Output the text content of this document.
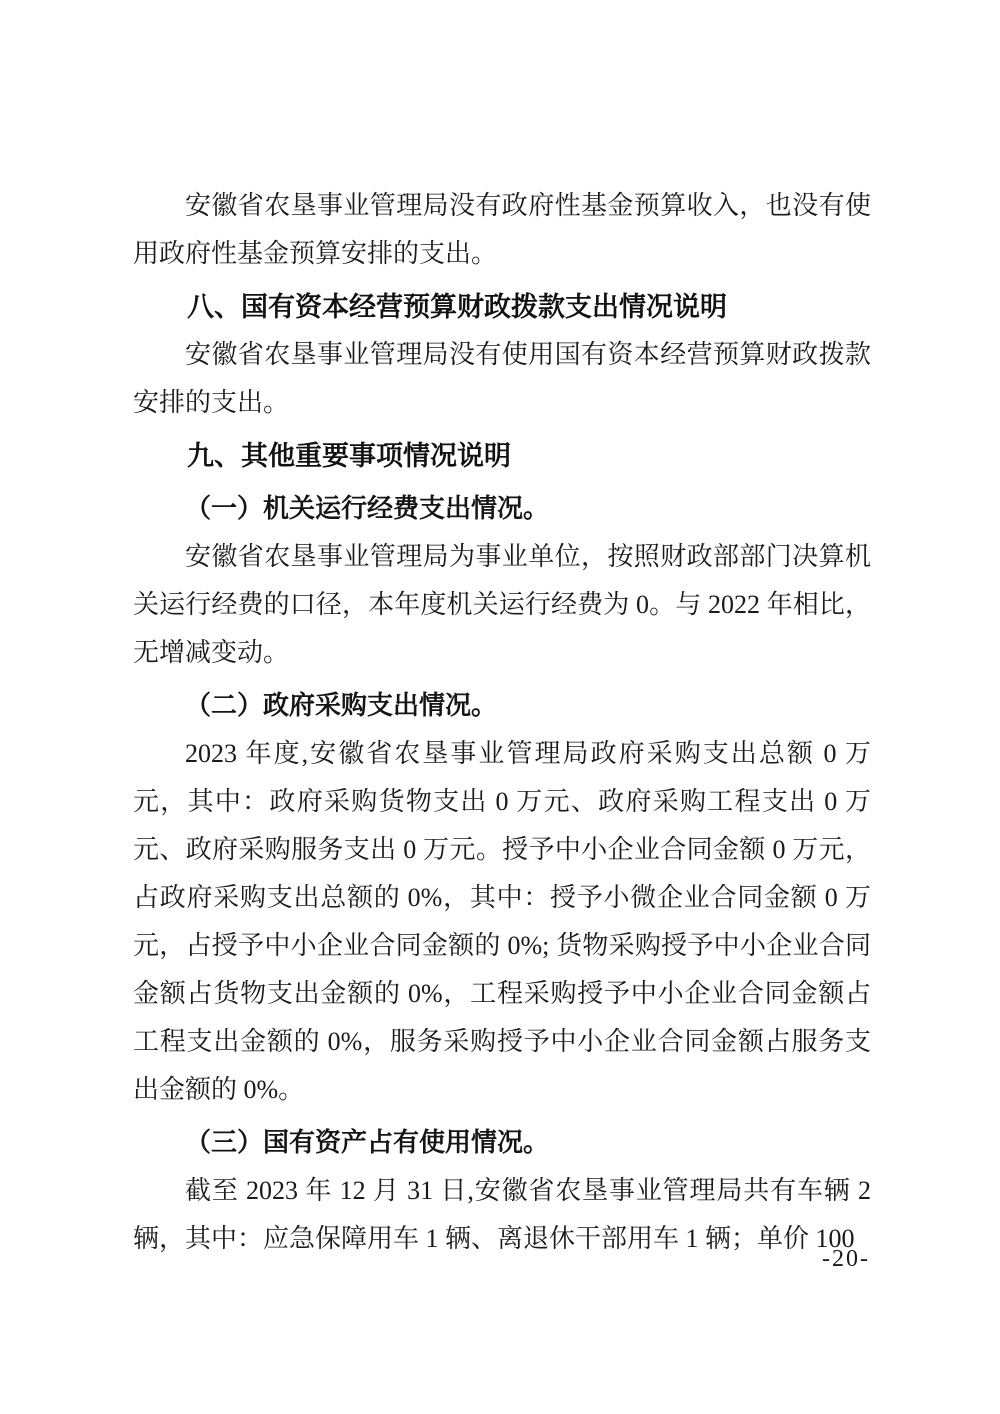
安徽省农垦事业管理局没有政府性基金预算收入，也没有使用政府性基金预算安排的支出。

八、国有资本经营预算财政拨款支出情况说明

安徽省农垦事业管理局没有使用国有资本经营预算财政拨款安排的支出。

九、其他重要事项情况说明

（一）机关运行经费支出情况。

安徽省农垦事业管理局为事业单位，按照财政部部门决算机关运行经费的口径，本年度机关运行经费为 0。与 2022 年相比，无增减变动。

（二）政府采购支出情况。

2023 年度,安徽省农垦事业管理局政府采购支出总额 0 万元，其中：政府采购货物支出 0 万元、政府采购工程支出 0 万元、政府采购服务支出 0 万元。授予中小企业合同金额 0 万元，占政府采购支出总额的 0%，其中：授予小微企业合同金额 0 万元，占授予中小企业合同金额的 0%; 货物采购授予中小企业合同金额占货物支出金额的 0%，工程采购授予中小企业合同金额占工程支出金额的 0%，服务采购授予中小企业合同金额占服务支出金额的 0%。

（三）国有资产占有使用情况。

截至 2023 年 12 月 31 日,安徽省农垦事业管理局共有车辆 2 辆，其中：应急保障用车 1 辆、离退休干部用车 1 辆；单价 100

-20-
